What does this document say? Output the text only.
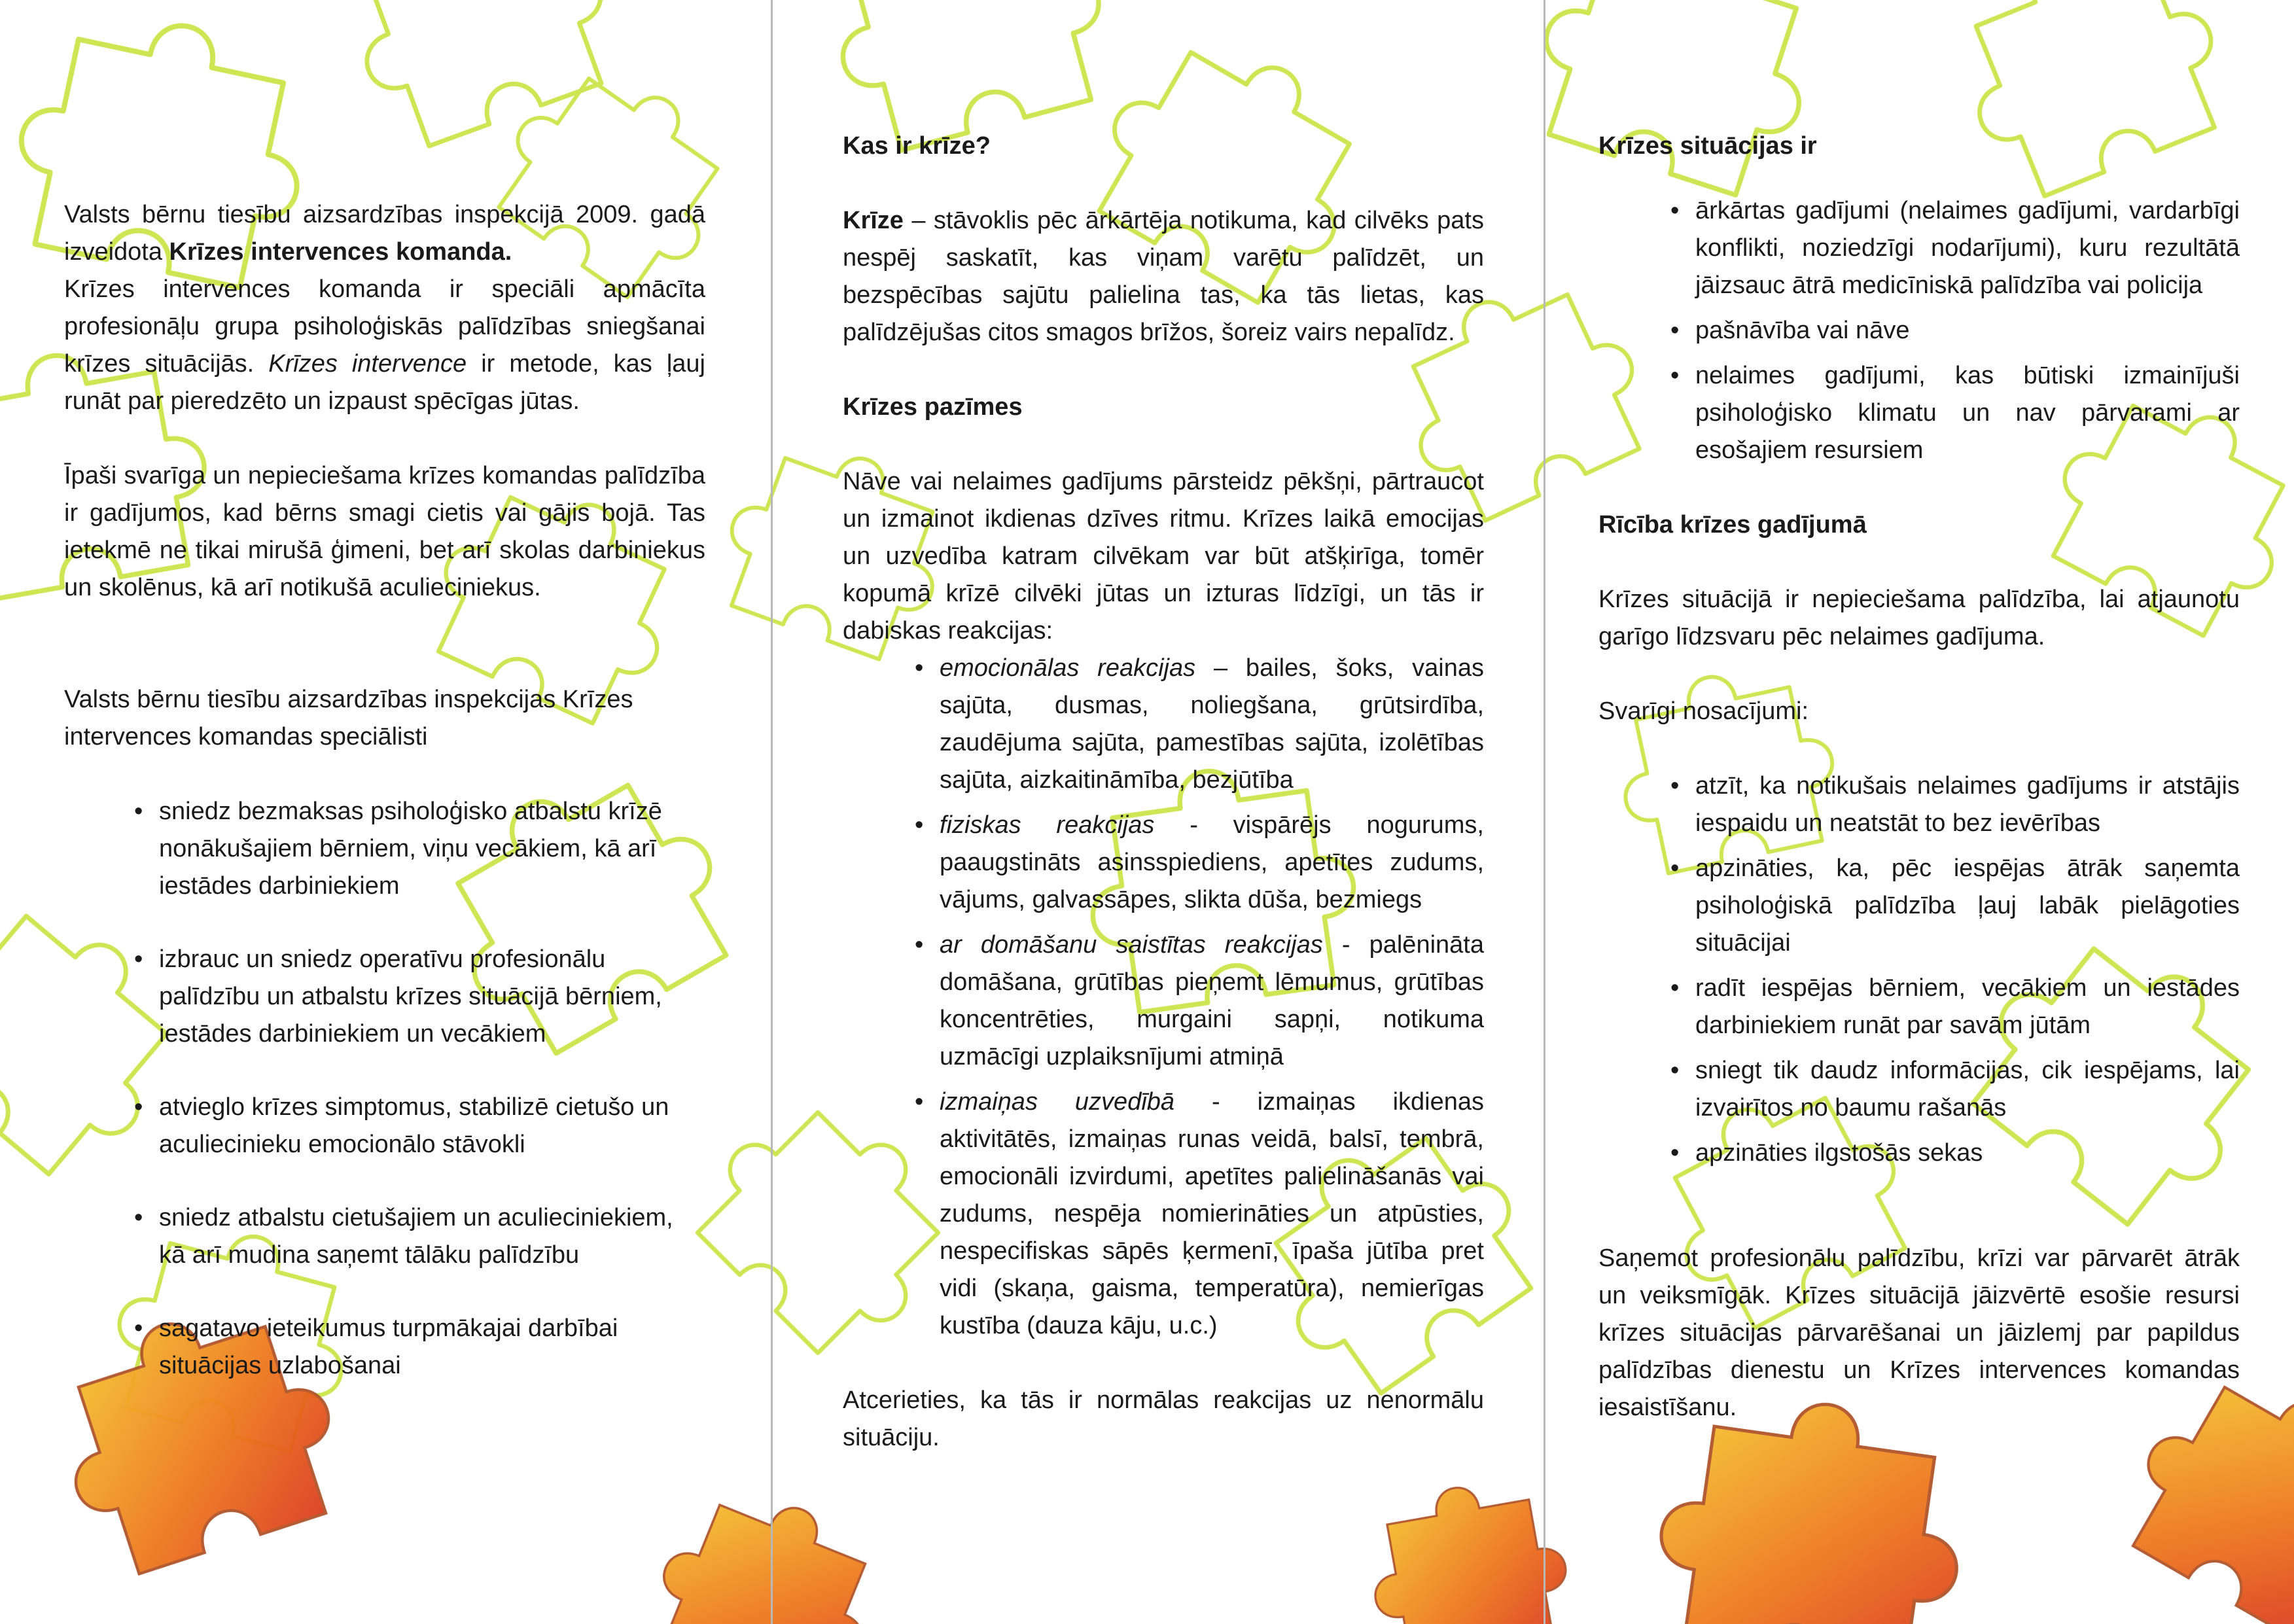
Valsts bērnu tiesību aizsardzības inspekcijā 2009. gadā izveidota Krīzes intervences komanda.
Krīzes intervences komanda ir speciāli apmācīta profesionāļu grupa psiholoģiskās palīdzības sniegšanai krīzes situācijās. Krīzes intervence ir metode, kas ļauj runāt par pieredzēto un izpaust spēcīgas jūtas.

Īpaši svarīga un nepieciešama krīzes komandas palīdzība ir gadījumos, kad bērns smagi cietis vai gājis bojā. Tas ietekmē ne tikai mirušā ģimeni, bet arī skolas darbiniekus un skolēnus, kā arī notikušā aculieciniekus.

Valsts bērnu tiesību aizsardzības inspekcijas Krīzes intervences komandas speciālisti

• sniedz bezmaksas psiholoģisko atbalstu krīzē nonākušajiem bērniem, viņu vecākiem, kā arī iestādes darbiniekiem
• izbrauc un sniedz operatīvu profesionālu palīdzību un atbalstu krīzes situācijā bērniem, iestādes darbiniekiem un vecākiem
• atvieglo krīzes simptomus, stabilizē cietušo un aculiecinieku emocionālo stāvokli
• sniedz atbalstu cietušajiem un aculieciniekiem, kā arī mudina saņemt tālāku palīdzību
• sagatavo ieteikumus turpmākajai darbībai situācijas uzlabošanai
Kas ir krīze?

Krīze – stāvoklis pēc ārkārtēja notikuma, kad cilvēks pats nespēj saskatīt, kas viņam varētu palīdzēt, un bezspēcības sajūtu palielina tas, ka tās lietas, kas palīdzējušas citos smagos brīžos, šoreiz vairs nepalīdz.

Krīzes pazīmes

Nāve vai nelaimes gadījums pārsteidz pēkšņi, pārtraucot un izmainot ikdienas dzīves ritmu. Krīzes laikā emocijas un uzvedība katram cilvēkam var būt atšķirīga, tomēr kopumā krīzē cilvēki jūtas un izturas līdzīgi, un tās ir dabiskas reakcijas:

• emocionālas reakcijas – bailes, šoks, vainas sajūta, dusmas, noliegšana, grūtsirdība, zaudējuma sajūta, pamestības sajūta, izolētības sajūta, aizkaitināmība, bezjūtība
• fiziskas reakcijas - vispārējs nogurums, paaugstināts asinsspiediens, apetītes zudums, vājums, galvassāpes, slikta dūša, bezmiegs
• ar domāšanu saistītas reakcijas - palēnināta domāšana, grūtības pieņemt lēmumus, grūtības koncentrēties, murgaini sapņi, notikuma uzmācīgi uzplaiksnījumi atmiņā
• izmaiņas uzvedībā - izmaiņas ikdienas aktivitātēs, izmaiņas runas veidā, balsī, tembrā, emocionāli izvirdumi, apetītes palielināšanās vai zudums, nespēja nomierināties un atpūsties, nespecifiskas sāpēs ķermenī, īpaša jūtība pret vidi (skaņa, gaisma, temperatūra), nemierīgas kustība (dauza kāju, u.c.)

Atcerieties, ka tās ir normālas reakcijas uz nenormālu situāciju.

Krīzes situācijas ir
• ārkārtas gadījumi (nelaimes gadījumi, vardarbīgi konflikti, noziedzīgi nodarījumi), kuru rezultātā jāizsauc ātrā medicīniskā palīdzība vai policija
• pašnāvība vai nāve
• nelaimes gadījumi, kas būtiski izmainījuši psiholoģisko klimatu un nav pārvarami ar esošajiem resursiem
Rīcība krīzes gadījumā

Krīzes situācijā ir nepieciešama palīdzība, lai atjaunotu garīgo līdzsvaru pēc nelaimes gadījuma.

Svarīgi nosacījumi:

• atzīt, ka notikušais nelaimes gadījums ir atstājis iespaidu un neatstāt to bez ievērības
• apzināties, ka, pēc iespējas ātrāk saņemta psiholoģiskā palīdzība ļauj labāk pielāgoties situācijai
• radīt iespējas bērniem, vecākiem un iestādes darbiniekiem runāt par savām jūtām
• sniegt tik daudz informācijas, cik iespējams, lai izvairītos no baumu rašanās
• apzināties ilgstošās sekas

Saņemot profesionālu palīdzību, krīzi var pārvarēt ātrāk un veiksmīgāk. Krīzes situācijā jāizvērtē esošie resursi krīzes situācijas pārvarēšanai un jāizlemj par papildus palīdzības dienestu un Krīzes intervences komandas iesaistīšanu.
